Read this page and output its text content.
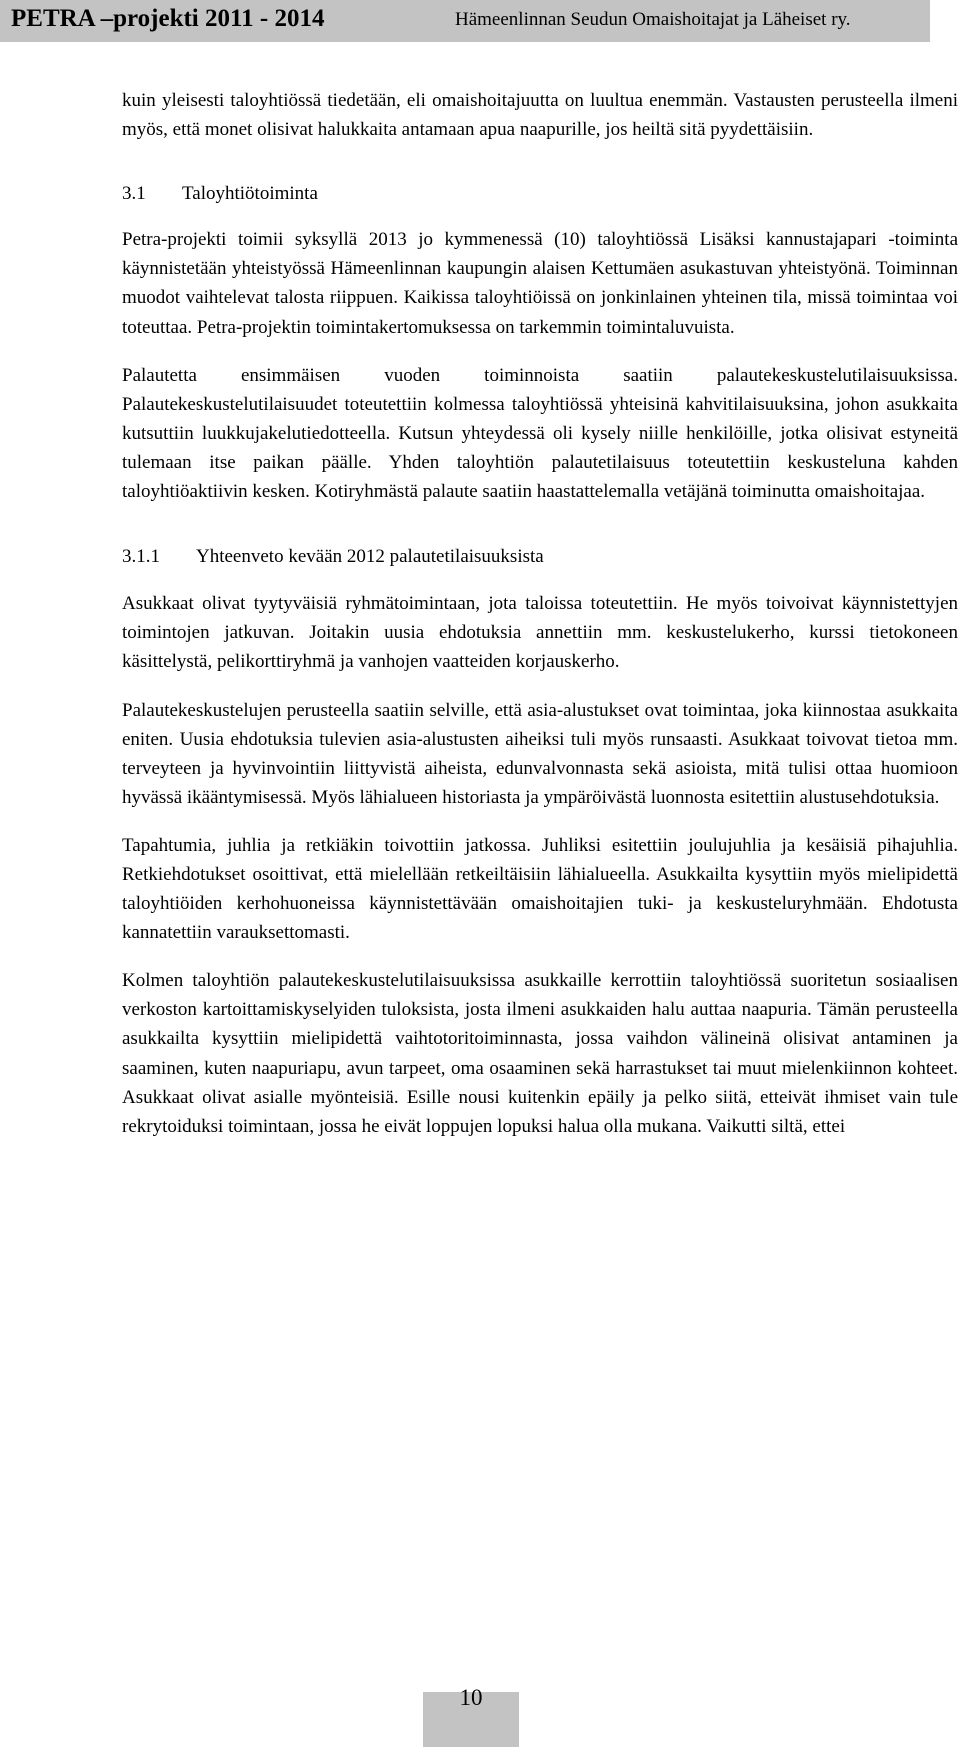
PETRA –projekti 2011 - 2014	Hämeenlinnan Seudun Omaishoitajat ja Läheiset ry.

kuin yleisesti taloyhtiössä tiedetään, eli omaishoitajuutta on luultua enemmän. Vastausten perusteella ilmeni myös, että monet olisivat halukkaita antamaan apua naapurille, jos heiltä sitä pyydettäisiin.

3.1	Taloyhtiötoiminta

Petra-projekti toimii syksyllä 2013 jo kymmenessä (10) taloyhtiössä Lisäksi kannustajapari -toiminta käynnistetään yhteistyössä Hämeenlinnan kaupungin alaisen Kettumäen asukastuvan yhteistyönä. Toiminnan muodot vaihtelevat talosta riippuen. Kaikissa taloyhtiöissä on jonkinlainen yhteinen tila, missä toimintaa voi toteuttaa. Petra-projektin toimintakertomuksessa on tarkemmin toimintaluvuista.

Palautetta ensimmäisen vuoden toiminnoista saatiin palautekeskustelutilaisuuksissa. Palautekeskustelutilaisuudet toteutettiin kolmessa taloyhtiössä yhteisinä kahvitilaisuuksina, johon asukkaita kutsuttiin luukkujakelutiedotteella. Kutsun yhteydessä oli kysely niille henkilöille, jotka olisivat estyneitä tulemaan itse paikan päälle. Yhden taloyhtiön palautetilaisuus toteutettiin keskusteluna kahden taloyhtiöaktiivin kesken. Kotiryhmästä palaute saatiin haastattelemalla vetäjänä toiminutta omaishoitajaa.

3.1.1	Yhteenveto kevään 2012 palautetilaisuuksista

Asukkaat olivat tyytyväisiä ryhmätoimintaan, jota taloissa toteutettiin. He myös toivoivat käynnistettyjen toimintojen jatkuvan. Joitakin uusia ehdotuksia annettiin mm. keskustelukerho, kurssi tietokoneen käsittelystä, pelikorttiryhmä ja vanhojen vaatteiden korjauskerho.

Palautekeskustelujen perusteella saatiin selville, että asia-alustukset ovat toimintaa, joka kiinnostaa asukkaita eniten. Uusia ehdotuksia tulevien asia-alustusten aiheiksi tuli myös runsaasti. Asukkaat toivovat tietoa mm. terveyteen ja hyvinvointiin liittyvistä aiheista, edunvalvonnasta sekä asioista, mitä tulisi ottaa huomioon hyvässä ikääntymisessä. Myös lähialueen historiasta ja ympäröivästä luonnosta esitettiin alustusehdotuksia.

Tapahtumia, juhlia ja retkiäkin toivottiin jatkossa. Juhliksi esitettiin joulujuhlia ja kesäisiä pihajuhlia. Retkiehdotukset osoittivat, että mielellään retkeiltäisiin lähialueella. Asukkailta kysyttiin myös mielipidettä taloyhtiöiden kerhohuoneissa käynnistettävään omaishoitajien tuki- ja keskusteluryhmään. Ehdotusta kannatettiin varauksettomasti.

Kolmen taloyhtiön palautekeskustelutilaisuuksissa asukkaille kerrottiin taloyhtiössä suoritetun sosiaalisen verkoston kartoittamiskyselyiden tuloksista, josta ilmeni asukkaiden halu auttaa naapuria. Tämän perusteella asukkailta kysyttiin mielipidettä vaihtotoritoiminnasta, jossa vaihdon välineinä olisivat antaminen ja saaminen, kuten naapuriapu, avun tarpeet, oma osaaminen sekä harrastukset tai muut mielenkiinnon kohteet. Asukkaat olivat asialle myönteisiä. Esille nousi kuitenkin epäily ja pelko siitä, etteivät ihmiset vain tule rekrytoiduksi toimintaan, jossa he eivät loppujen lopuksi halua olla mukana. Vaikutti siltä, ettei

10
